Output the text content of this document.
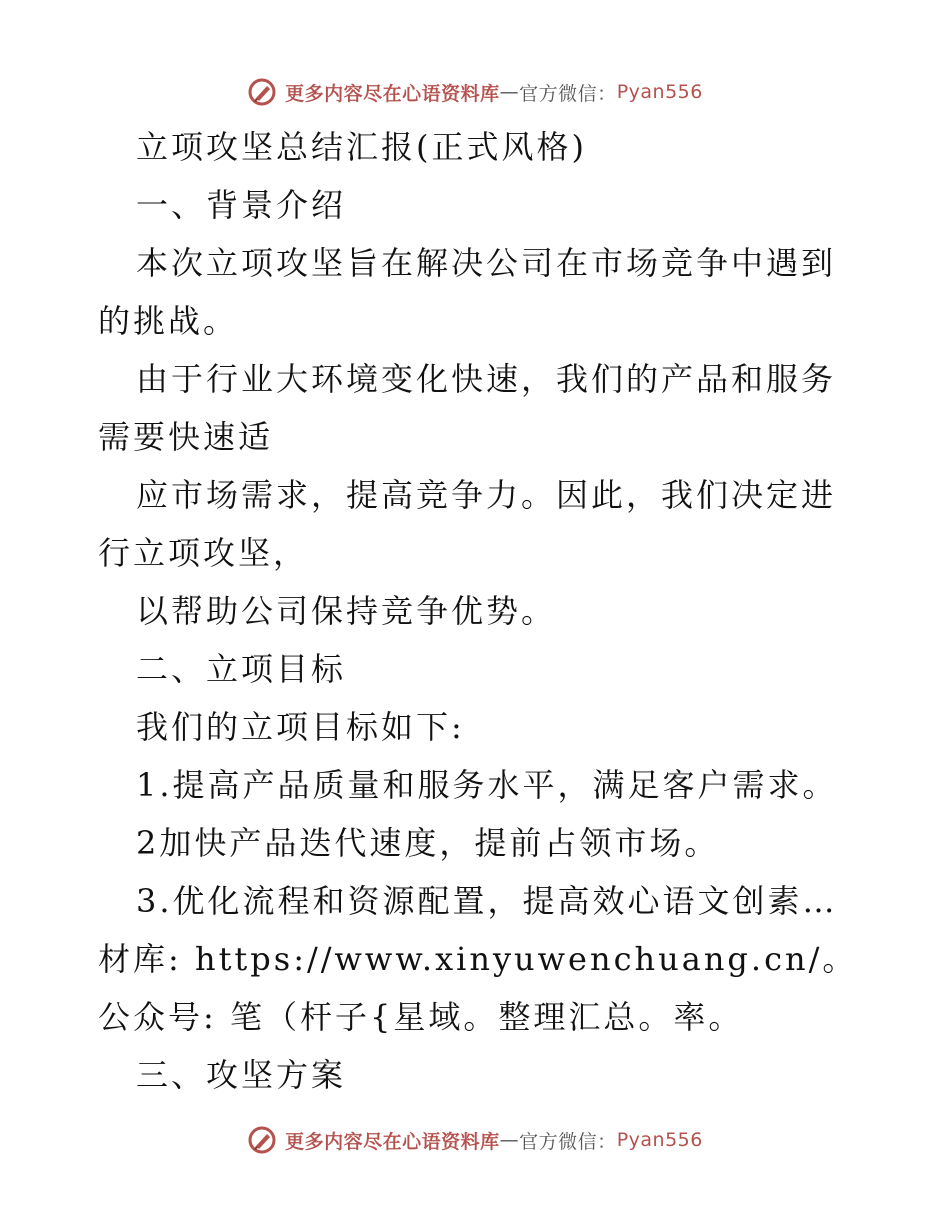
更多内容尽在心语资料库 — 官方微信： Pyan556

立项攻坚总结汇报(正式风格)

一、背景介绍

本次立项攻坚旨在解决公司在市场竞争中遇到的挑战。

由于行业大环境变化快速，我们的产品和服务需要快速适

应市场需求，提高竞争力。因此，我们决定进行立项攻坚，

以帮助公司保持竞争优势。

二、立项目标

我们的立项目标如下:

1.提高产品质量和服务水平，满足客户需求。

2加快产品迭代速度，提前占领市场。

3.优化流程和资源配置，提高效心语文创素…材库: https://www.xinyuwenchuang.cn/。公众号: 笔（杆子{星域。整理汇总。率。

三、攻坚方案

更多内容尽在心语资料库 — 官方微信： Pyan556
